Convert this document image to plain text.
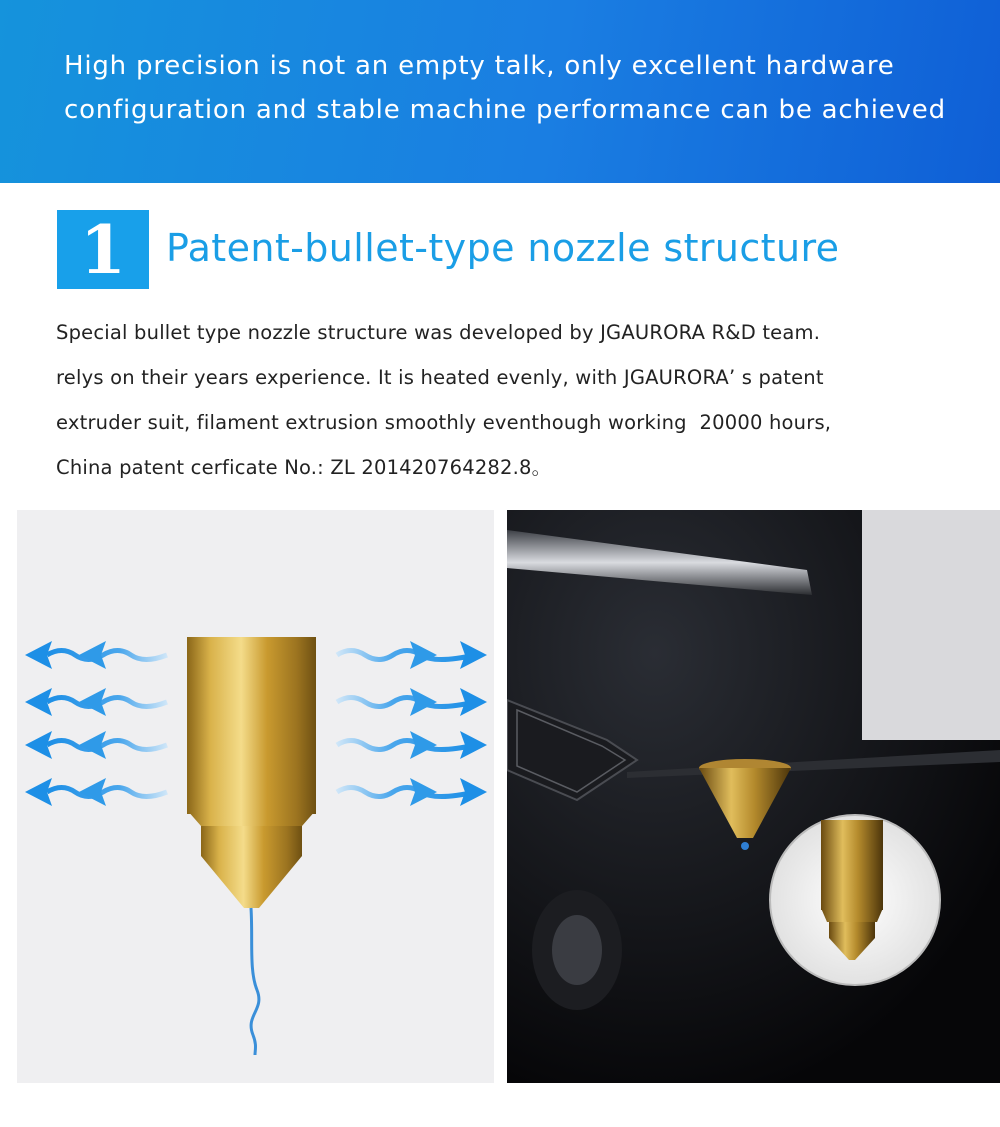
High precision is not an empty talk, only excellent hardware
configuration and stable machine performance can be achieved

1	Patent-bullet-type nozzle structure
Special bullet type nozzle structure was developed by JGAURORA R&D team.
relys on their years experience. It is heated evenly, with JGAURORA’ s patent
extruder suit, filament extrusion smoothly eventhough working  20000 hours,
China patent cerficate No.: ZL 201420764282.8。
